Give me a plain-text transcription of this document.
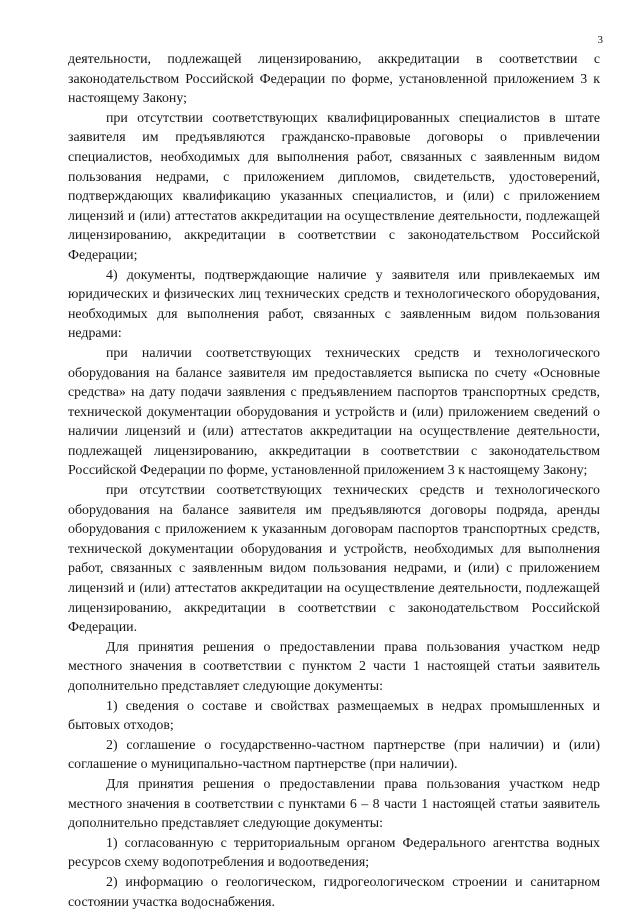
3

деятельности, подлежащей лицензированию, аккредитации в соответствии с законодательством Российской Федерации по форме, установленной приложением 3 к настоящему Закону;

при отсутствии соответствующих квалифицированных специалистов в штате заявителя им предъявляются гражданско-правовые договоры о привлечении специалистов, необходимых для выполнения работ, связанных с заявленным видом пользования недрами, с приложением дипломов, свидетельств, удостоверений, подтверждающих квалификацию указанных специалистов, и (или) с приложением лицензий и (или) аттестатов аккредитации на осуществление деятельности, подлежащей лицензированию, аккредитации в соответствии с законодательством Российской Федерации;

4) документы, подтверждающие наличие у заявителя или привлекаемых им юридических и физических лиц технических средств и технологического оборудования, необходимых для выполнения работ, связанных с заявленным видом пользования недрами:

при наличии соответствующих технических средств и технологического оборудования на балансе заявителя им предоставляется выписка по счету «Основные средства» на дату подачи заявления с предъявлением паспортов транспортных средств, технической документации оборудования и устройств и (или) приложением сведений о наличии лицензий и (или) аттестатов аккредитации на осуществление деятельности, подлежащей лицензированию, аккредитации в соответствии с законодательством Российской Федерации по форме, установленной приложением 3 к настоящему Закону;

при отсутствии соответствующих технических средств и технологического оборудования на балансе заявителя им предъявляются договоры подряда, аренды оборудования с приложением к указанным договорам паспортов транспортных средств, технической документации оборудования и устройств, необходимых для выполнения работ, связанных с заявленным видом пользования недрами, и (или) с приложением лицензий и (или) аттестатов аккредитации на осуществление деятельности, подлежащей лицензированию, аккредитации в соответствии с законодательством Российской Федерации.

Для принятия решения о предоставлении права пользования участком недр местного значения в соответствии с пунктом 2 части 1 настоящей статьи заявитель дополнительно представляет следующие документы:

1) сведения о составе и свойствах размещаемых в недрах промышленных и бытовых отходов;

2) соглашение о государственно-частном партнерстве (при наличии) и (или) соглашение о муниципально-частном партнерстве (при наличии).

Для принятия решения о предоставлении права пользования участком недр местного значения в соответствии с пунктами 6 – 8 части 1 настоящей статьи заявитель дополнительно представляет следующие документы:

1) согласованную с территориальным органом Федерального агентства водных ресурсов схему водопотребления и водоотведения;

2) информацию о геологическом, гидрогеологическом строении и санитарном состоянии участка водоснабжения.
